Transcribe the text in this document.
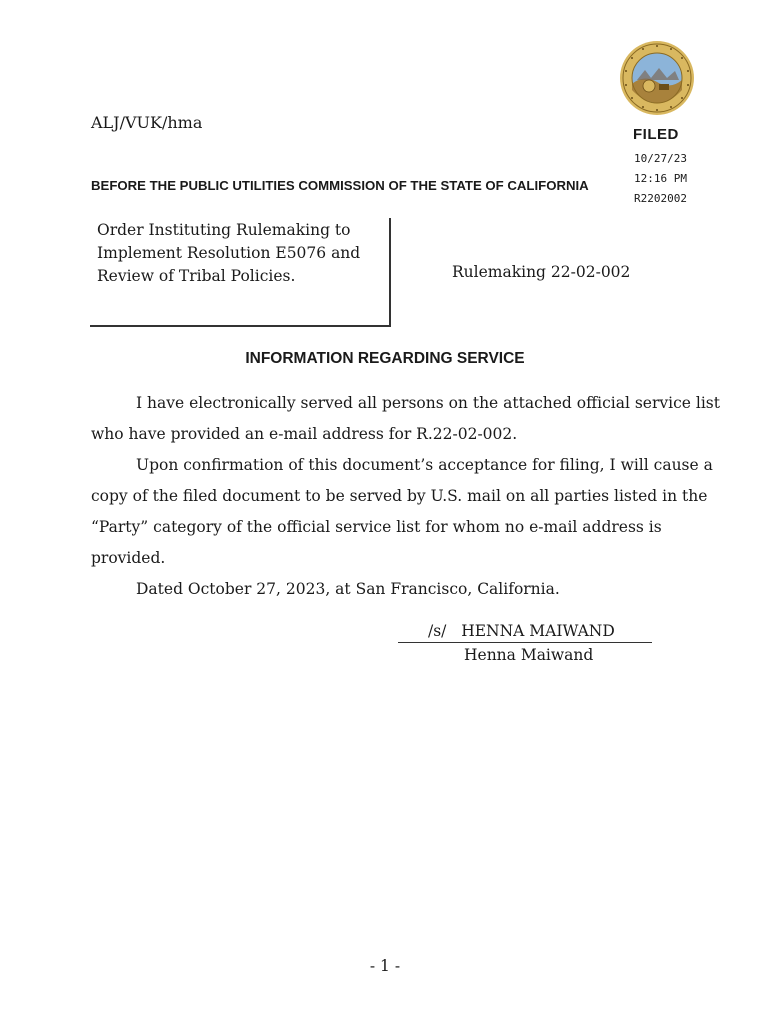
ALJ/VUK/hma
FILED
10/27/23
12:16 PM
R2202002
BEFORE THE PUBLIC UTILITIES COMMISSION OF THE STATE OF CALIFORNIA
Order Instituting Rulemaking to
Implement Resolution E5076 and
Review of Tribal Policies.	Rulemaking 22-02-002
INFORMATION REGARDING SERVICE
I have electronically served all persons on the attached official service list
who have provided an e-mail address for R.22-02-002.
Upon confirmation of this document’s acceptance for filing, I will cause a
copy of the filed document to be served by U.S. mail on all parties listed in the
“Party” category of the official service list for whom no e-mail address is
provided.
Dated October 27, 2023, at San Francisco, California.
/s/ HENNA MAIWAND
Henna Maiwand
- 1 -
